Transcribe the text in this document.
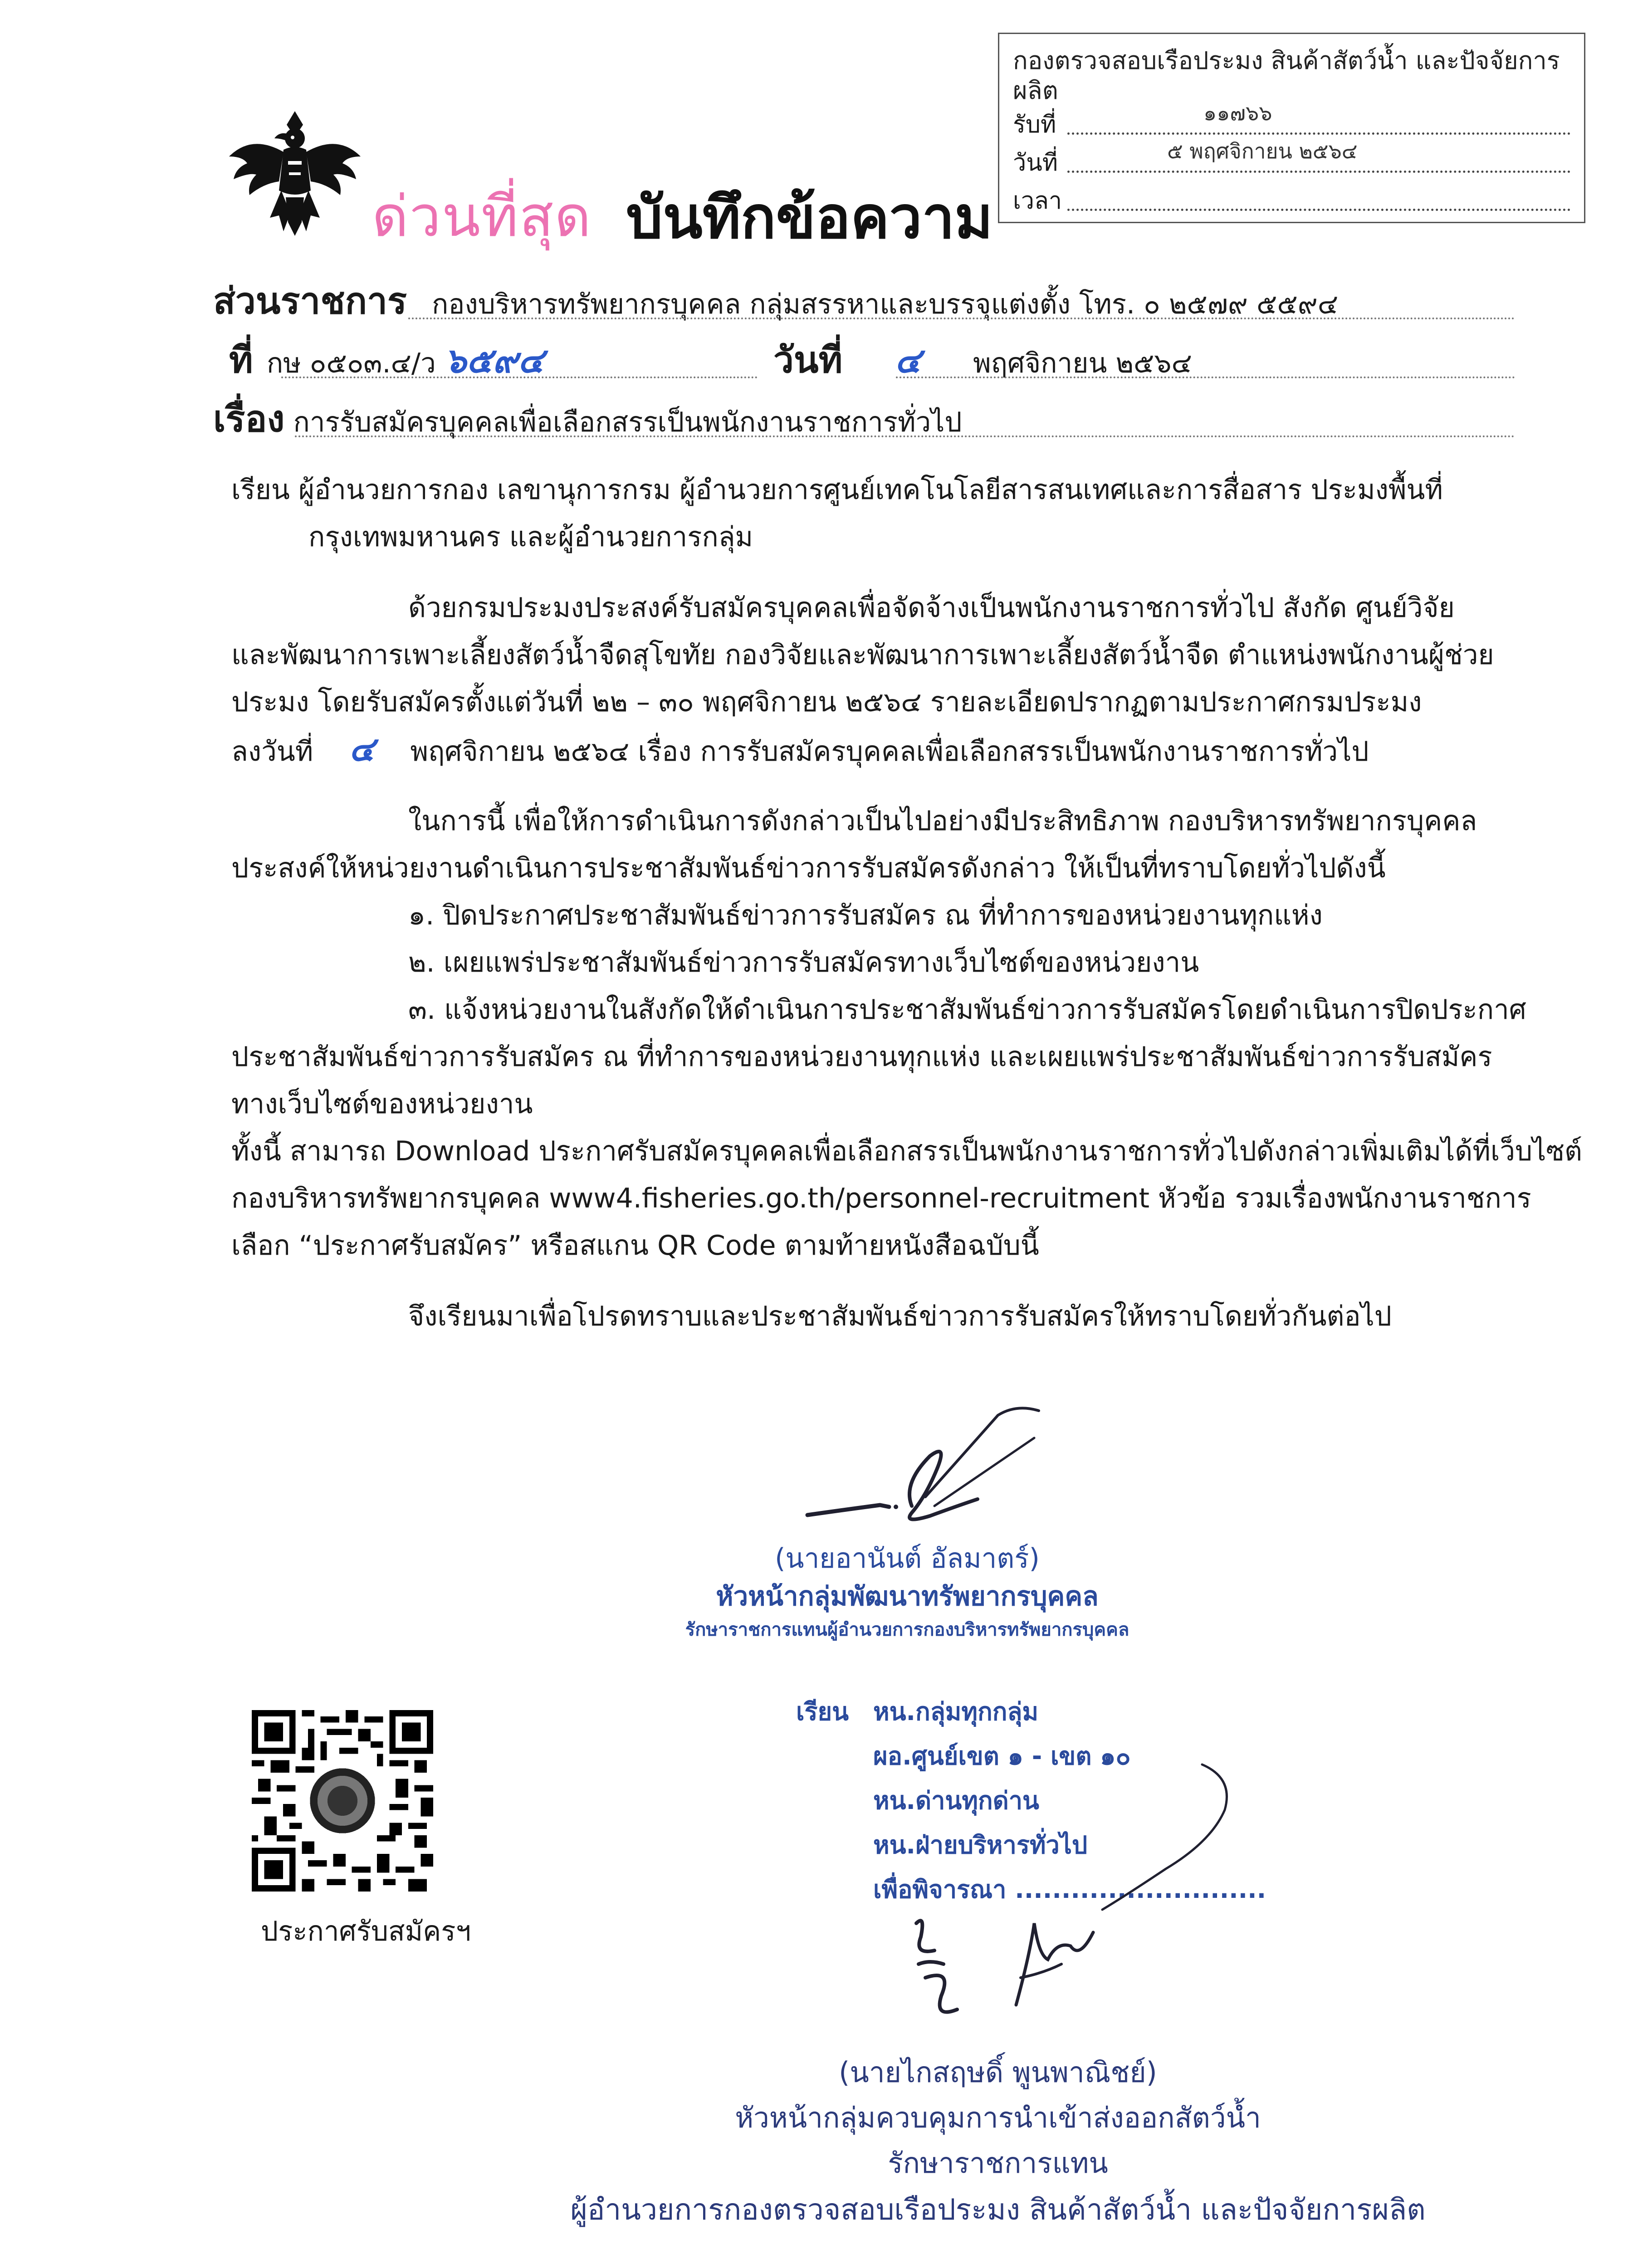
กองตรวจสอบเรือประมง สินค้าสัตว์น้ำ และปัจจัยการผลิต
รับที่	๑๑๗๖๖
วันที่	๕ พฤศจิกายน ๒๕๖๔
เวลา
ด่วนที่สุด บันทึกข้อความ
ส่วนราชการ กองบริหารทรัพยากรบุคคล กลุ่มสรรหาและบรรจุแต่งตั้ง โทร. ๐ ๒๕๗๙ ๕๕๙๔
ที่ กษ ๐๕๐๓.๔/ว ๖๕๙๔	วันที่ ๔ พฤศจิกายน ๒๕๖๔
เรื่อง การรับสมัครบุคคลเพื่อเลือกสรรเป็นพนักงานราชการทั่วไป
เรียน ผู้อำนวยการกอง เลขานุการกรม ผู้อำนวยการศูนย์เทคโนโลยีสารสนเทศและการสื่อสาร ประมงพื้นที่
กรุงเทพมหานคร และผู้อำนวยการกลุ่ม
ด้วยกรมประมงประสงค์รับสมัครบุคคลเพื่อจัดจ้างเป็นพนักงานราชการทั่วไป สังกัด ศูนย์วิจัย
และพัฒนาการเพาะเลี้ยงสัตว์น้ำจืดสุโขทัย กองวิจัยและพัฒนาการเพาะเลี้ยงสัตว์น้ำจืด ตำแหน่งพนักงานผู้ช่วย
ประมง โดยรับสมัครตั้งแต่วันที่ ๒๒ – ๓๐ พฤศจิกายน ๒๕๖๔ รายละเอียดปรากฏตามประกาศกรมประมง
ลงวันที่ ๔ พฤศจิกายน ๒๕๖๔ เรื่อง การรับสมัครบุคคลเพื่อเลือกสรรเป็นพนักงานราชการทั่วไป
ในการนี้ เพื่อให้การดำเนินการดังกล่าวเป็นไปอย่างมีประสิทธิภาพ กองบริหารทรัพยากรบุคคล
ประสงค์ให้หน่วยงานดำเนินการประชาสัมพันธ์ข่าวการรับสมัครดังกล่าว ให้เป็นที่ทราบโดยทั่วไปดังนี้
๑. ปิดประกาศประชาสัมพันธ์ข่าวการรับสมัคร ณ ที่ทำการของหน่วยงานทุกแห่ง
๒. เผยแพร่ประชาสัมพันธ์ข่าวการรับสมัครทางเว็บไซต์ของหน่วยงาน
๓. แจ้งหน่วยงานในสังกัดให้ดำเนินการประชาสัมพันธ์ข่าวการรับสมัครโดยดำเนินการปิดประกาศ
ประชาสัมพันธ์ข่าวการรับสมัคร ณ ที่ทำการของหน่วยงานทุกแห่ง และเผยแพร่ประชาสัมพันธ์ข่าวการรับสมัคร
ทางเว็บไซต์ของหน่วยงาน
ทั้งนี้ สามารถ Download ประกาศรับสมัครบุคคลเพื่อเลือกสรรเป็นพนักงานราชการทั่วไปดังกล่าวเพิ่มเติมได้ที่เว็บไซต์
กองบริหารทรัพยากรบุคคล www4.fisheries.go.th/personnel-recruitment หัวข้อ รวมเรื่องพนักงานราชการ
เลือก “ประกาศรับสมัคร” หรือสแกน QR Code ตามท้ายหนังสือฉบับนี้
จึงเรียนมาเพื่อโปรดทราบและประชาสัมพันธ์ข่าวการรับสมัครให้ทราบโดยทั่วกันต่อไป
(นายอานันต์ อัลมาตร์)
หัวหน้ากลุ่มพัฒนาทรัพยากรบุคคล
รักษาราชการแทนผู้อำนวยการกองบริหารทรัพยากรบุคคล
เรียน หน.กลุ่มทุกกลุ่ม
ผอ.ศูนย์เขต ๑ - เขต ๑๐
หน.ด่านทุกด่าน
หน.ฝ่ายบริหารทั่วไป
เพื่อพิจารณา ...........................
(นายไกสฤษดิ์ พูนพาณิชย์)
หัวหน้ากลุ่มควบคุมการนำเข้าส่งออกสัตว์น้ำ
รักษาราชการแทน
ผู้อำนวยการกองตรวจสอบเรือประมง สินค้าสัตว์น้ำ และปัจจัยการผลิต
ประกาศรับสมัครฯ
